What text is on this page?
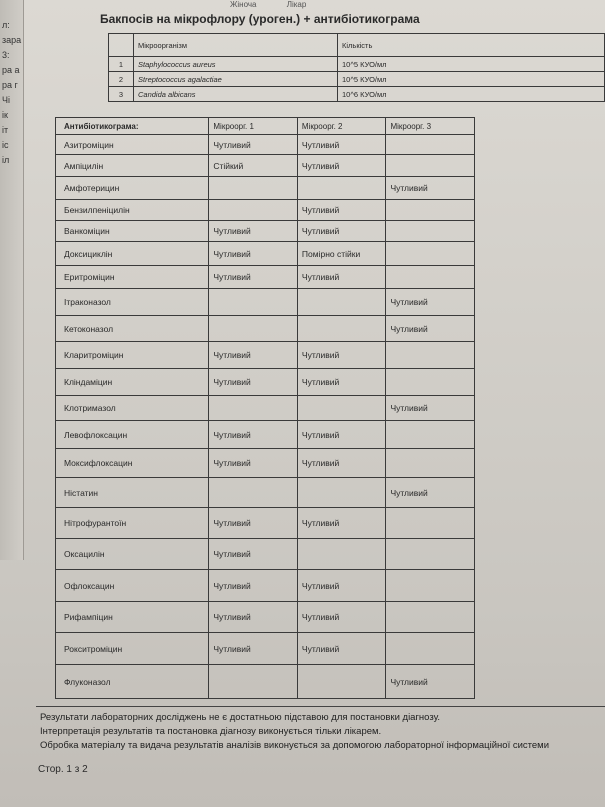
л:
зара
3:
ра а
ра г
Чі
ік
іт
іс
іл
Жіноча	Лікар
Бакпосів на мікрофлору (уроген.) + антибіотикограма
	Мікроорганізм	Кількість
1	Staphylococcus aureus	10^5 КУО/мл
2	Streptococcus agalactiae	10^5 КУО/мл
3	Candida albicans	10^6 КУО/мл
Антибіотикограма:	Мікроорг. 1	Мікроорг. 2	Мікроорг. 3
Азитроміцин	Чутливий	Чутливий	
Ампіцилін	Стійкий	Чутливий	
Амфотерицин			Чутливий
Бензилпеніцилін		Чутливий	
Ванкоміцин	Чутливий	Чутливий	
Доксициклін	Чутливий	Помірно стійки	
Еритроміцин	Чутливий	Чутливий	
Ітраконазол			Чутливий
Кетоконазол			Чутливий
Кларитроміцин	Чутливий	Чутливий	
Кліндаміцин	Чутливий	Чутливий	
Клотримазол			Чутливий
Левофлоксацин	Чутливий	Чутливий	
Моксифлоксацин	Чутливий	Чутливий	
Ністатин			Чутливий
Нітрофурантоїн	Чутливий	Чутливий	
Оксацилін	Чутливий		
Офлоксацин	Чутливий	Чутливий	
Рифампіцин	Чутливий	Чутливий	
Рокситроміцин	Чутливий	Чутливий	
Флуконазол			Чутливий
Результати лабораторних досліджень не є достатньою підставою для постановки діагнозу.
Інтерпретація результатів та постановка діагнозу виконується тільки лікарем.
Обробка матеріалу та видача результатів аналізів виконується за допомогою лабораторної інформаційної системи
Стор. 1 з 2
